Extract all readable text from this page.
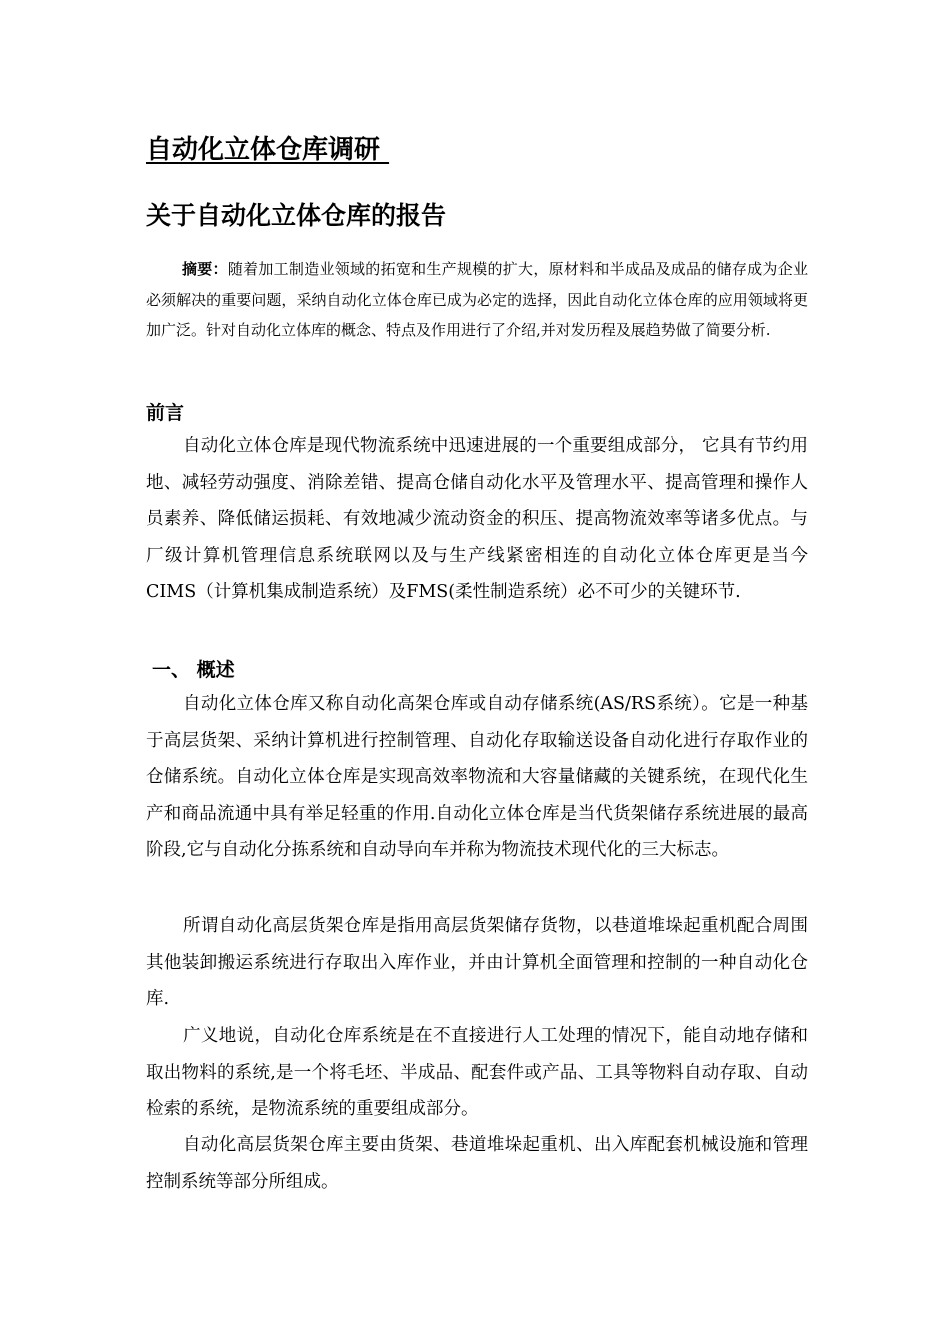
自动化立体仓库调研
关于自动化立体仓库的报告

摘要：随着加工制造业领域的拓宽和生产规模的扩大，原材料和半成品及成品的储存成为企业必须解决的重要问题，采纳自动化立体仓库已成为必定的选择，因此自动化立体仓库的应用领域将更加广泛。针对自动化立体库的概念、特点及作用进行了介绍,并对发历程及展趋势做了简要分析.

前言

自动化立体仓库是现代物流系统中迅速进展的一个重要组成部分， 它具有节约用地、减轻劳动强度、消除差错、提高仓储自动化水平及管理水平、提高管理和操作人员素养、降低储运损耗、有效地减少流动资金的积压、提高物流效率等诸多优点。与厂级计算机管理信息系统联网以及与生产线紧密相连的自动化立体仓库更是当今CIMS（计算机集成制造系统）及FMS(柔性制造系统）必不可少的关键环节.

一、 概述

自动化立体仓库又称自动化高架仓库或自动存储系统(AS/RS系统）。它是一种基于高层货架、采纳计算机进行控制管理、自动化存取输送设备自动化进行存取作业的仓储系统。自动化立体仓库是实现高效率物流和大容量储藏的关键系统，在现代化生产和商品流通中具有举足轻重的作用.自动化立体仓库是当代货架储存系统进展的最高阶段,它与自动化分拣系统和自动导向车并称为物流技术现代化的三大标志。

所谓自动化高层货架仓库是指用高层货架储存货物，以巷道堆垛起重机配合周围其他装卸搬运系统进行存取出入库作业，并由计算机全面管理和控制的一种自动化仓库.

广义地说，自动化仓库系统是在不直接进行人工处理的情况下，能自动地存储和取出物料的系统,是一个将毛坯、半成品、配套件或产品、工具等物料自动存取、自动检索的系统，是物流系统的重要组成部分。

自动化高层货架仓库主要由货架、巷道堆垛起重机、出入库配套机械设施和管理控制系统等部分所组成。
